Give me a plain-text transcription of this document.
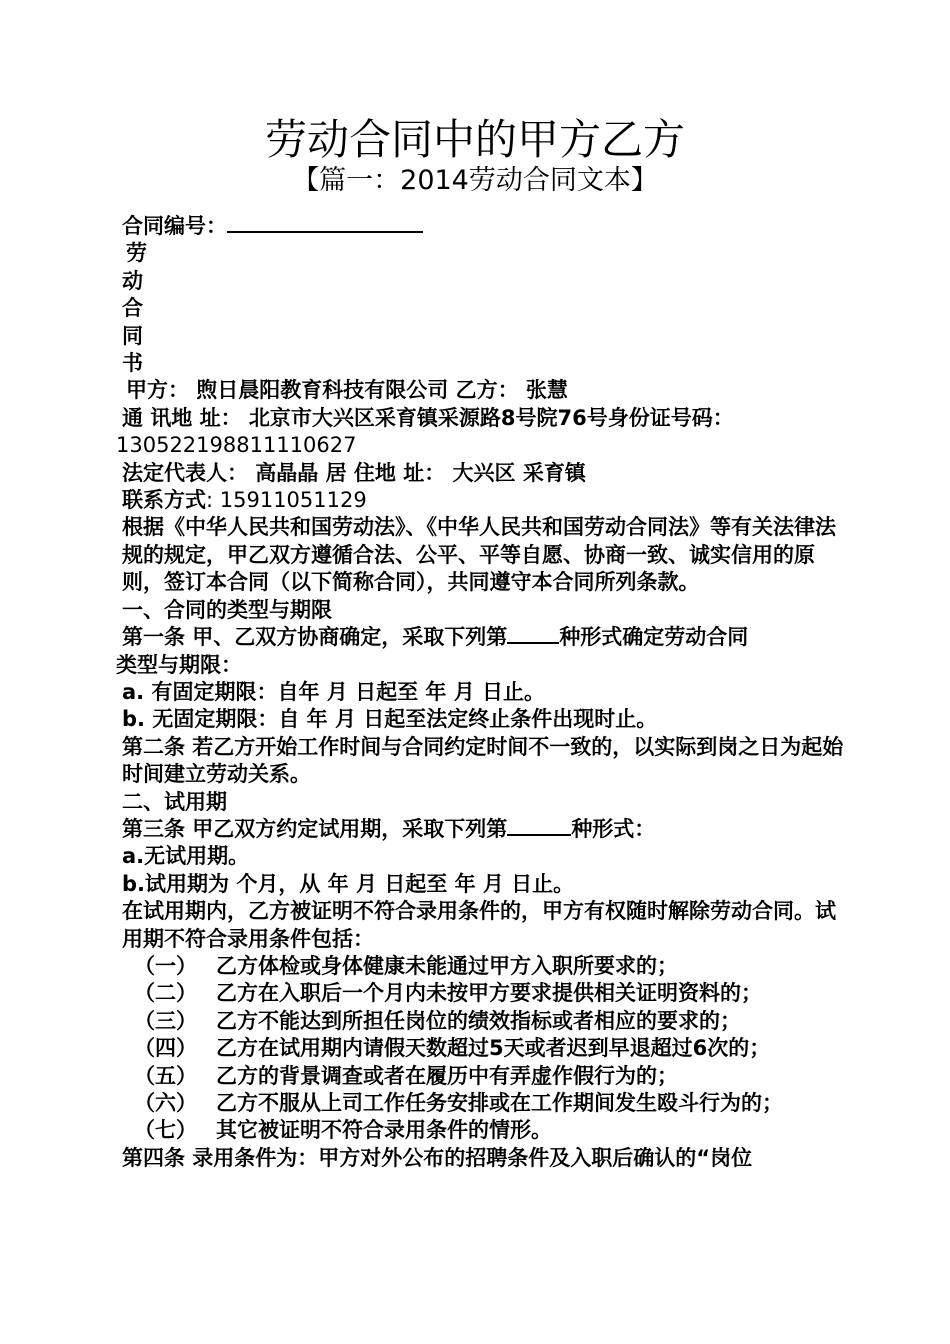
劳动合同中的甲方乙方
【篇一：2014劳动合同文本】

合同编号：

劳

动

合

同

书

甲方： 煦日晨阳教育科技有限公司 乙方： 张慧

通 讯地 址： 北京市大兴区采育镇采源路8号院76号身份证号码：

130522198811110627

法定代表人： 高晶晶 居 住地 址： 大兴区 采育镇

联系方式: 15911051129

根据《中华人民共和国劳动法》、《中华人民共和国劳动合同法》等有关法律法规的规定，甲乙双方遵循合法、公平、平等自愿、协商一致、诚实信用的原则，签订本合同（以下简称合同），共同遵守本合同所列条款。

一、合同的类型与期限

第一条 甲、乙双方协商确定，采取下列第 种形式确定劳动合同

类型与期限：

a. 有固定期限：自年 月 日起至 年 月 日止。

b. 无固定期限：自 年 月 日起至法定终止条件出现时止。

第二条 若乙方开始工作时间与合同约定时间不一致的，以实际到岗之日为起始时间建立劳动关系。

二、试用期

第三条 甲乙双方约定试用期，采取下列第	种形式：

a.无试用期。

b.试用期为 个月，从 年 月 日起至 年 月 日止。

在试用期内，乙方被证明不符合录用条件的，甲方有权随时解除劳动合同。试用期不符合录用条件包括：

（一） 乙方体检或身体健康未能通过甲方入职所要求的；

（二） 乙方在入职后一个月内未按甲方要求提供相关证明资料的；

（三） 乙方不能达到所担任岗位的绩效指标或者相应的要求的；

（四） 乙方在试用期内请假天数超过5天或者迟到早退超过6次的；

（五） 乙方的背景调查或者在履历中有弄虚作假行为的；

（六） 乙方不服从上司工作任务安排或在工作期间发生殴斗行为的；

（七） 其它被证明不符合录用条件的情形。

第四条 录用条件为：甲方对外公布的招聘条件及入职后确认的“岗位
